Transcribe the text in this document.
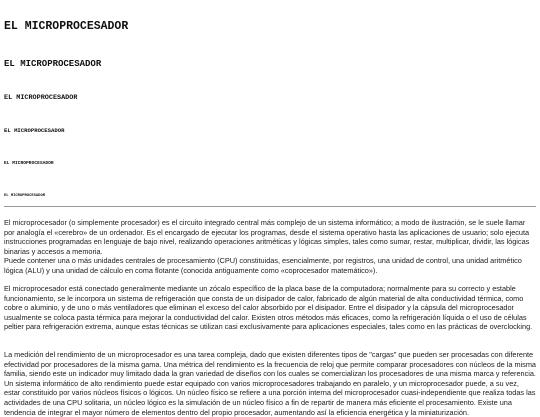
EL MICROPROCESADOR
EL MICROPROCESADOR
EL MICROPROCESADOR
EL MICROPROCESADOR
EL MICROPROCESADOR
EL MICROPROCESADOR

El microprocesador (o simplemente procesador) es el circuito integrado central más complejo de un sistema informático; a modo de ilustración, se le suele llamar por analogía el «cerebro» de un ordenador. Es el encargado de ejecutar los programas, desde el sistema operativo hasta las aplicaciones de usuario; solo ejecuta instrucciones programadas en lenguaje de bajo nivel, realizando operaciones aritméticas y lógicas simples, tales como sumar, restar, multiplicar, dividir, las lógicas binarias y accesos a memoria.

Puede contener una o más unidades centrales de procesamiento (CPU) constituidas, esencialmente, por registros, una unidad de control, una unidad aritmético lógica (ALU) y una unidad de cálculo en coma flotante (conocida antiguamente como «coprocesador matemático»).

El microprocesador está conectado generalmente mediante un zócalo específico de la placa base de la computadora; normalmente para su correcto y estable funcionamiento, se le incorpora un sistema de refrigeración que consta de un disipador de calor, fabricado de algún material de alta conductividad térmica, como cobre o aluminio, y de uno o más ventiladores que eliminan el exceso del calor absorbido por el disipador. Entre el disipador y la cápsula del microprocesador usualmente se coloca pasta térmica para mejorar la conductividad del calor. Existen otros métodos más eficaces, como la refrigeración líquida o el uso de células peltier para refrigeración extrema, aunque estas técnicas se utilizan casi exclusivamente para aplicaciones especiales, tales como en las prácticas de overclocking.

La medición del rendimiento de un microprocesador es una tarea compleja, dado que existen diferentes tipos de "cargas" que pueden ser procesadas con diferente efectividad por procesadores de la misma gama. Una métrica del rendimiento es la frecuencia de reloj que permite comparar procesadores con núcleos de la misma familia, siendo este un indicador muy limitado dada la gran variedad de diseños con los cuales se comercializan los procesadores de una misma marca y referencia. Un sistema informático de alto rendimiento puede estar equipado con varios microprocesadores trabajando en paralelo, y un microprocesador puede, a su vez, estar constituido por varios núcleos físicos o lógicos. Un núcleo físico se refiere a una porción interna del microprocesador cuasi-independiente que realiza todas las actividades de una CPU solitaria, un núcleo lógico es la simulación de un núcleo físico a fin de repartir de manera más eficiente el procesamiento. Existe una tendencia de integrar el mayor número de elementos dentro del propio procesador, aumentando así la eficiencia energética y la miniaturización.
